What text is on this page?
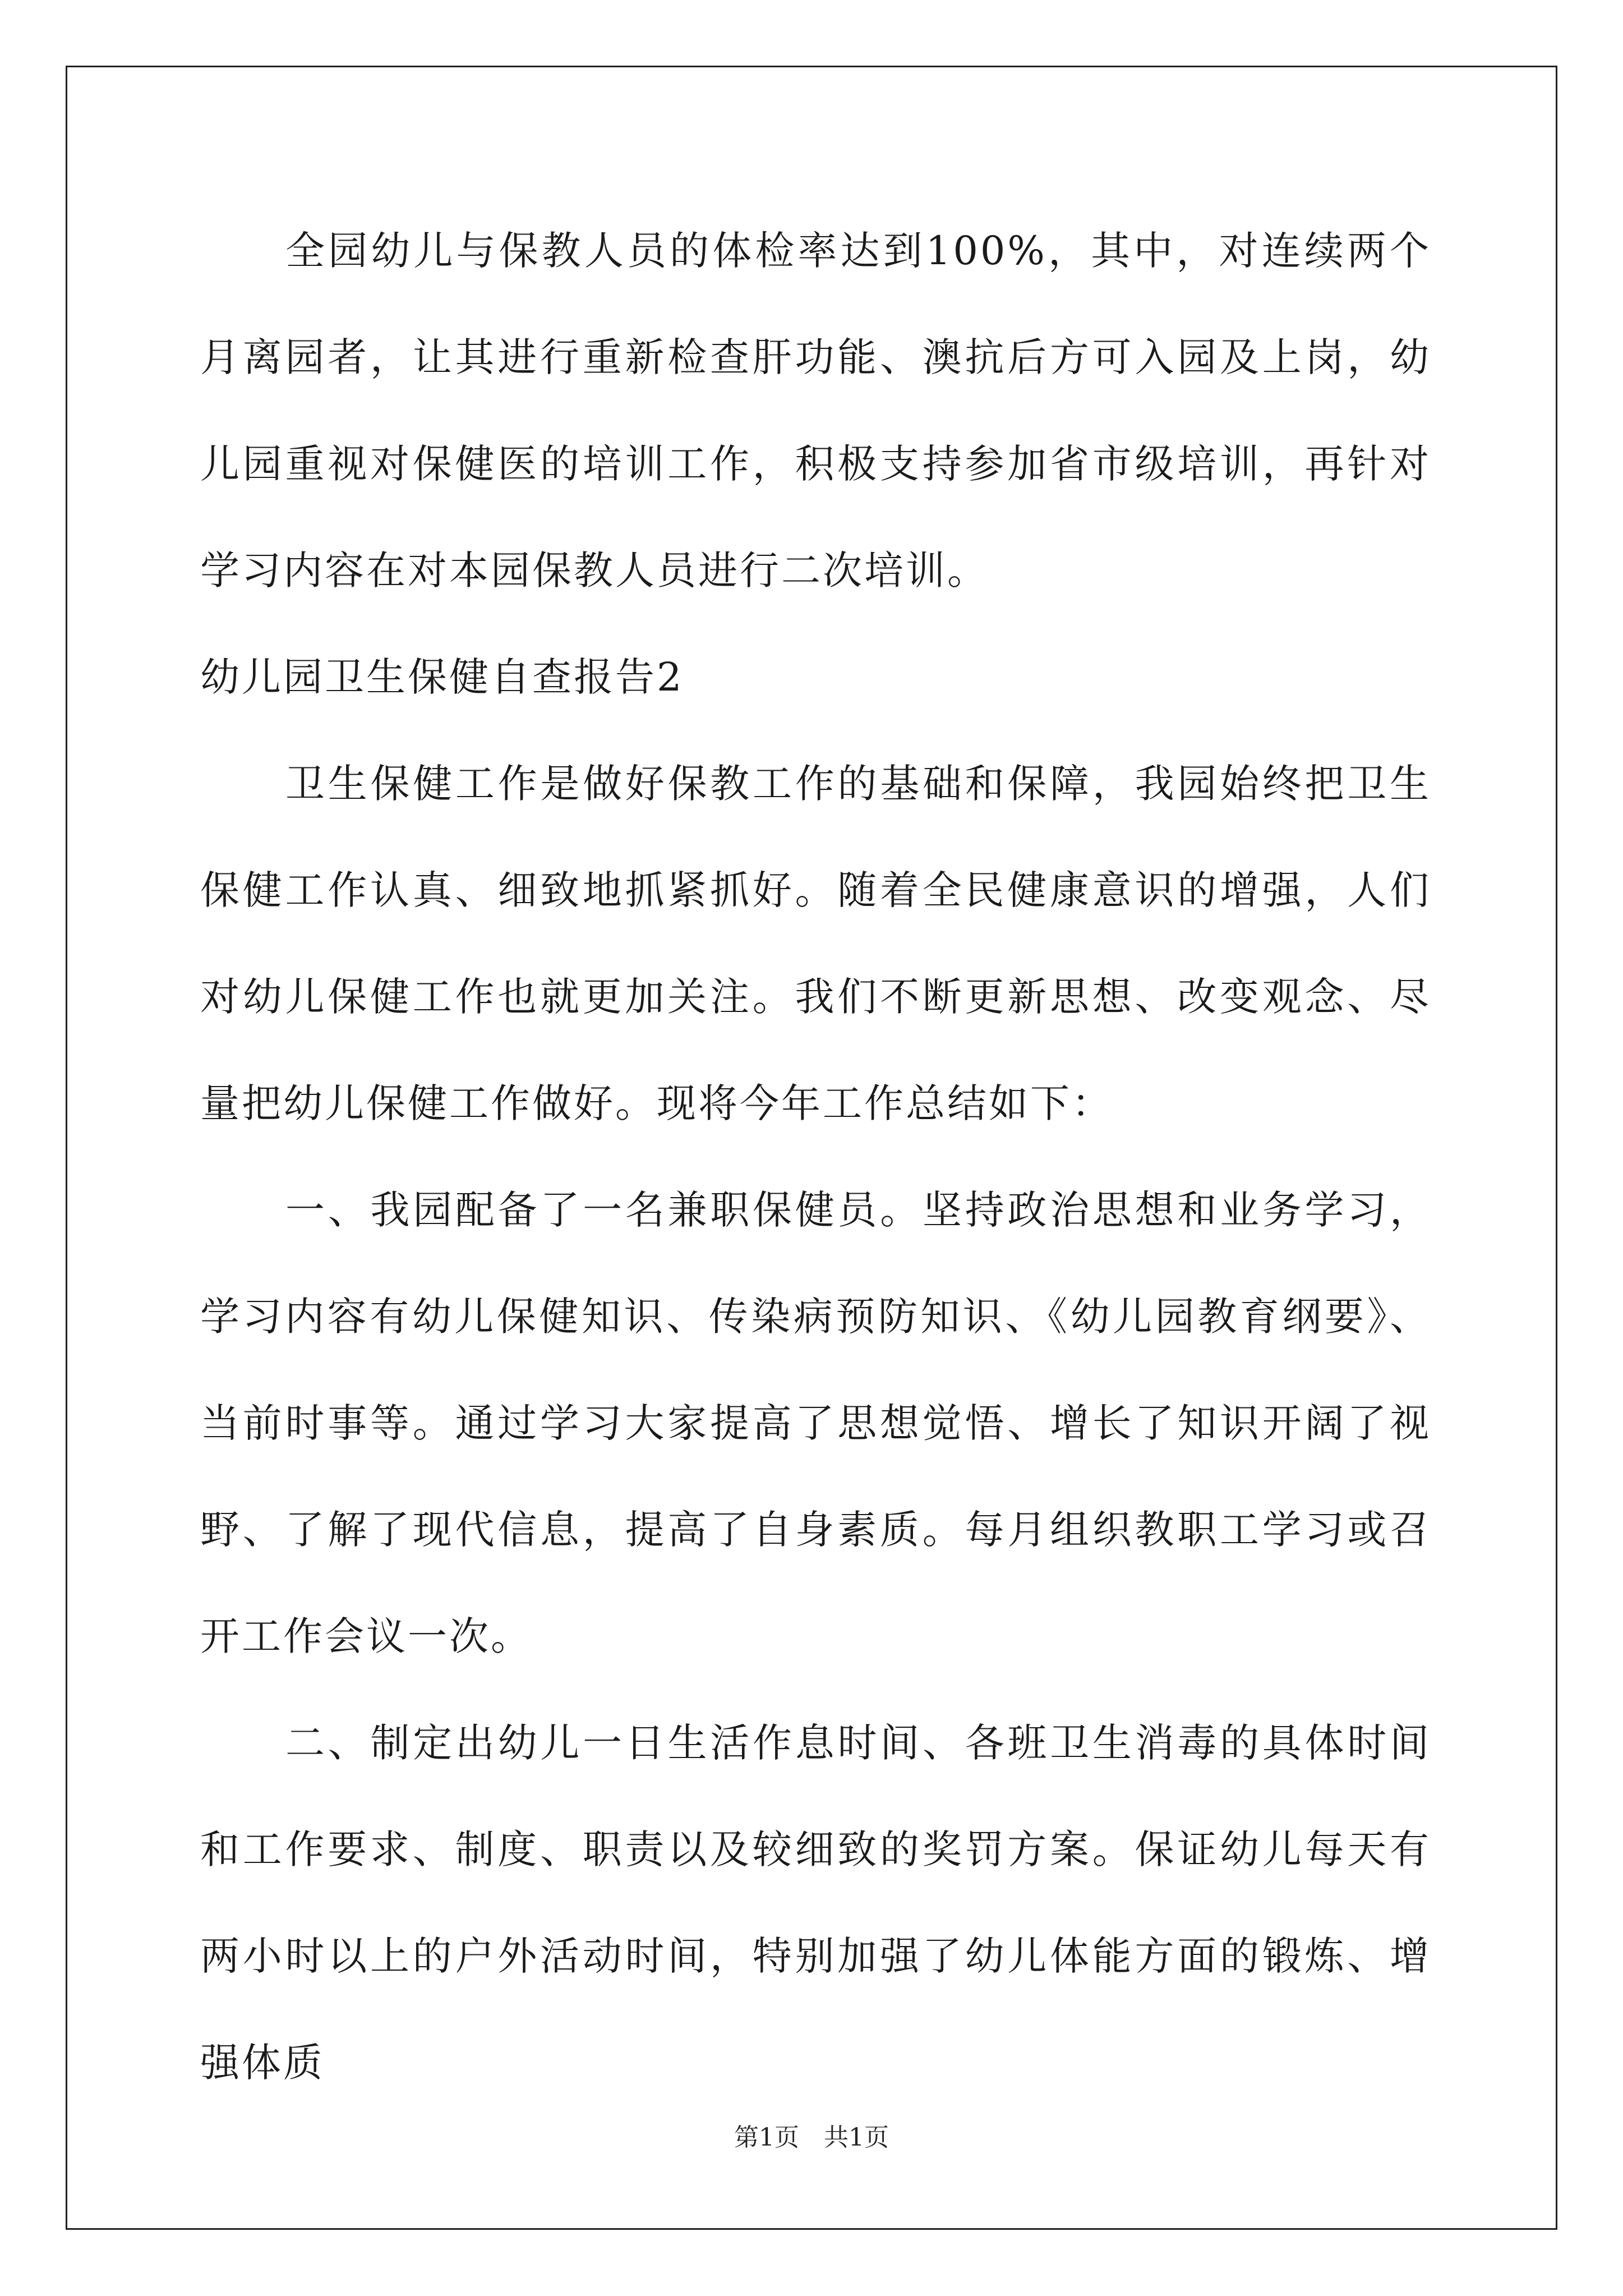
全园幼儿与保教人员的体检率达到100%，其中，对连续两个月离园者，让其进行重新检查肝功能、澳抗后方可入园及上岗，幼儿园重视对保健医的培训工作，积极支持参加省市级培训，再针对学习内容在对本园保教人员进行二次培训。

幼儿园卫生保健自查报告2

卫生保健工作是做好保教工作的基础和保障，我园始终把卫生保健工作认真、细致地抓紧抓好。随着全民健康意识的增强，人们对幼儿保健工作也就更加关注。我们不断更新思想、改变观念、尽量把幼儿保健工作做好。现将今年工作总结如下：

一、我园配备了一名兼职保健员。坚持政治思想和业务学习，学习内容有幼儿保健知识、传染病预防知识、《幼儿园教育纲要》、当前时事等。通过学习大家提高了思想觉悟、增长了知识开阔了视野、了解了现代信息，提高了自身素质。每月组织教职工学习或召开工作会议一次。

二、制定出幼儿一日生活作息时间、各班卫生消毒的具体时间和工作要求、制度、职责以及较细致的奖罚方案。保证幼儿每天有两小时以上的户外活动时间，特别加强了幼儿体能方面的锻炼、增强体质

第1页　共1页
